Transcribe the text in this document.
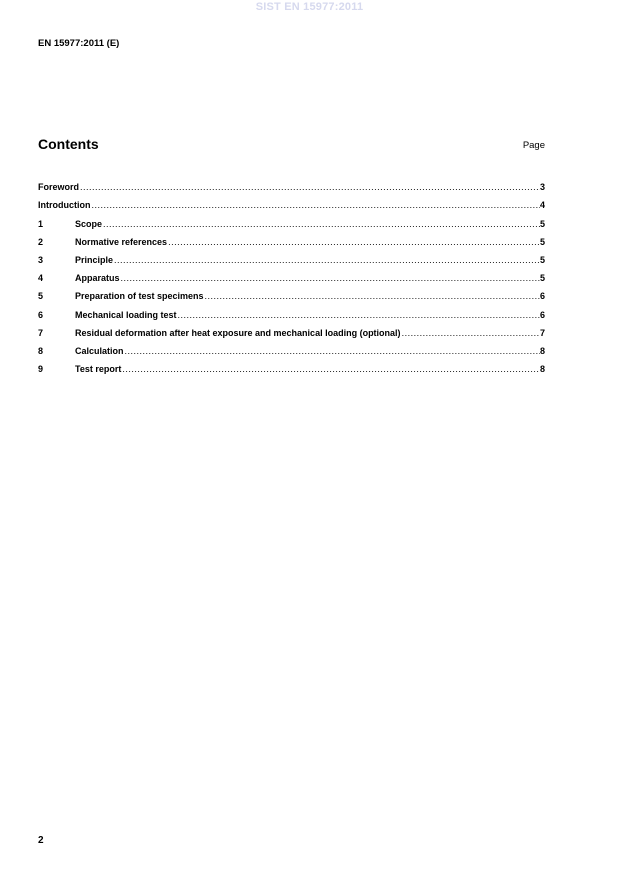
SIST EN 15977:2011
EN 15977:2011 (E)
Contents	Page
Foreword .....	3
Introduction .....	4
1	Scope .....	5
2	Normative references .....	5
3	Principle .....	5
4	Apparatus .....	5
5	Preparation of test specimens .....	6
6	Mechanical loading test .....	6
7	Residual deformation after heat exposure and mechanical loading (optional) .....	7
8	Calculation .....	8
9	Test report .....	8
2
